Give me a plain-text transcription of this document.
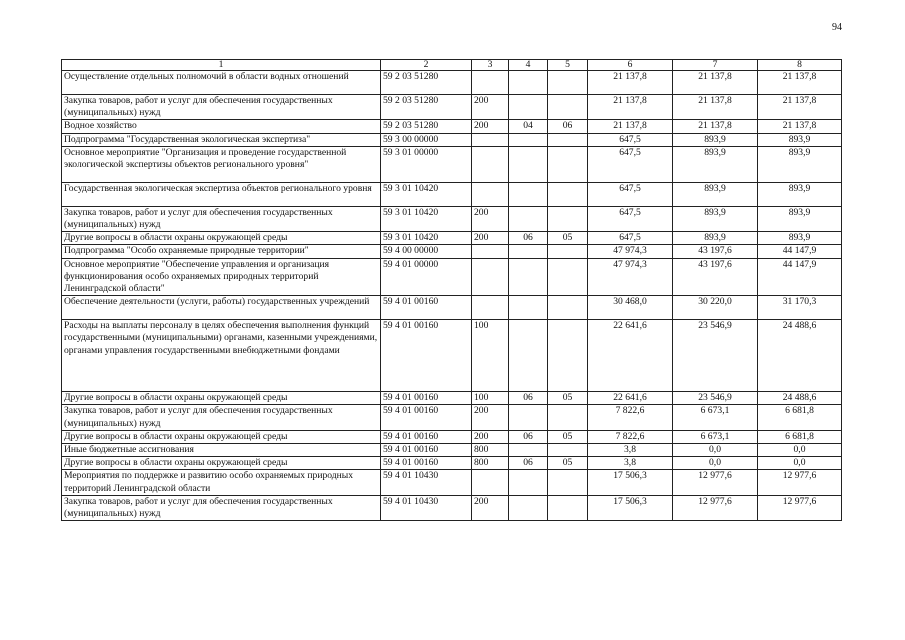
94
1	2	3	4	5	6	7	8
Осуществление отдельных полномочий в области водных отношений	59 2 03 51280				21 137,8	21 137,8	21 137,8
Закупка товаров, работ и услуг для обеспечения государственных (муниципальных) нужд	59 2 03 51280	200			21 137,8	21 137,8	21 137,8
Водное хозяйство	59 2 03 51280	200	04	06	21 137,8	21 137,8	21 137,8
Подпрограмма "Государственная экологическая экспертиза"	59 3 00 00000				647,5	893,9	893,9
Основное мероприятие "Организация и проведение государственной экологической экспертизы объектов регионального уровня"	59 3 01 00000				647,5	893,9	893,9
Государственная экологическая экспертиза объектов регионального уровня	59 3 01 10420				647,5	893,9	893,9
Закупка товаров, работ и услуг для обеспечения государственных (муниципальных) нужд	59 3 01 10420	200			647,5	893,9	893,9
Другие вопросы в области охраны окружающей среды	59 3 01 10420	200	06	05	647,5	893,9	893,9
Подпрограмма "Особо охраняемые природные территории"	59 4 00 00000				47 974,3	43 197,6	44 147,9
Основное мероприятие "Обеспечение управления и организация функционирования особо охраняемых природных территорий Ленинградской области"	59 4 01 00000				47 974,3	43 197,6	44 147,9
Обеспечение деятельности (услуги, работы) государственных учреждений	59 4 01 00160				30 468,0	30 220,0	31 170,3
Расходы на выплаты персоналу в целях обеспечения выполнения функций государственными (муниципальными) органами, казенными учреждениями, органами управления государственными внебюджетными фондами	59 4 01 00160	100			22 641,6	23 546,9	24 488,6
Другие вопросы в области охраны окружающей среды	59 4 01 00160	100	06	05	22 641,6	23 546,9	24 488,6
Закупка товаров, работ и услуг для обеспечения государственных (муниципальных) нужд	59 4 01 00160	200			7 822,6	6 673,1	6 681,8
Другие вопросы в области охраны окружающей среды	59 4 01 00160	200	06	05	7 822,6	6 673,1	6 681,8
Иные бюджетные ассигнования	59 4 01 00160	800			3,8	0,0	0,0
Другие вопросы в области охраны окружающей среды	59 4 01 00160	800	06	05	3,8	0,0	0,0
Мероприятия по поддержке и развитию особо охраняемых природных территорий Ленинградской области	59 4 01 10430				17 506,3	12 977,6	12 977,6
Закупка товаров, работ и услуг для обеспечения государственных (муниципальных) нужд	59 4 01 10430	200			17 506,3	12 977,6	12 977,6
